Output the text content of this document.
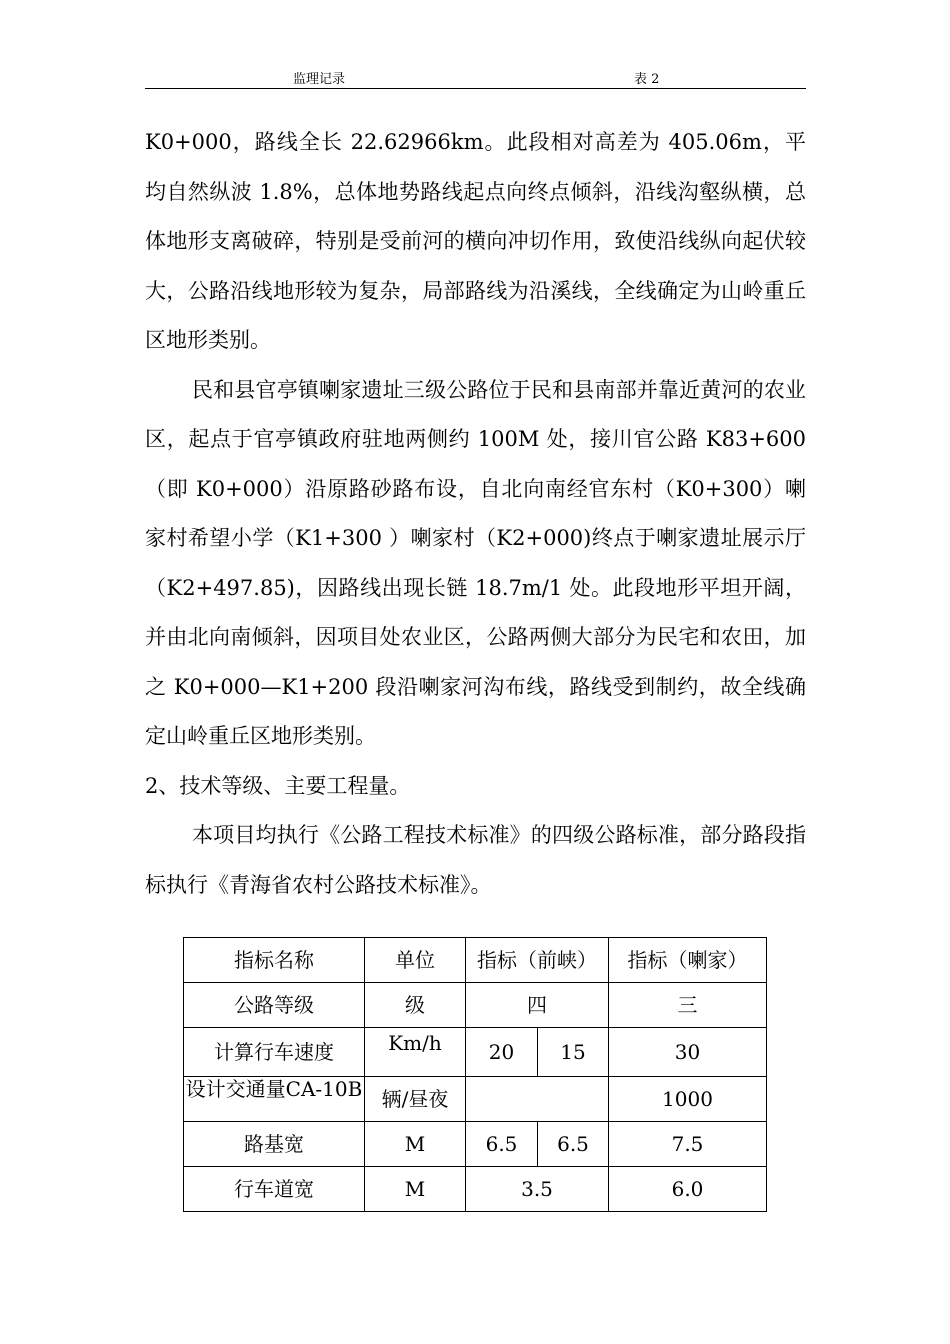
监理记录	表 2

K0+000，路线全长 22.62966km。此段相对高差为 405.06m，平均自然纵波 1.8%，总体地势路线起点向终点倾斜，沿线沟壑纵横，总体地形支离破碎，特别是受前河的横向冲切作用，致使沿线纵向起伏较大，公路沿线地形较为复杂，局部路线为沿溪线，全线确定为山岭重丘区地形类别。

民和县官亭镇喇家遗址三级公路位于民和县南部并靠近黄河的农业区，起点于官亭镇政府驻地两侧约 100M 处，接川官公路 K83+600（即 K0+000）沿原路砂路布设，自北向南经官东村（K0+300）喇家村希望小学（K1+300 ）喇家村（K2+000)终点于喇家遗址展示厅（K2+497.85)，因路线出现长链 18.7m/1 处。此段地形平坦开阔，并由北向南倾斜，因项目处农业区，公路两侧大部分为民宅和农田，加之 K0+000—K1+200 段沿喇家河沟布线，路线受到制约，故全线确定山岭重丘区地形类别。

2、技术等级、主要工程量。

本项目均执行《公路工程技术标准》的四级公路标准，部分路段指标执行《青海省农村公路技术标准》。

指标名称	单位	指标（前峡）		指标（喇家）
公路等级	级	四		三
计算行车速度	Km/h	20	15	30

设计交通量CA-10B	辆/昼夜			1000
路基宽	M	6.5	6.5	7.5
行车道宽	M	3.5		6.0
